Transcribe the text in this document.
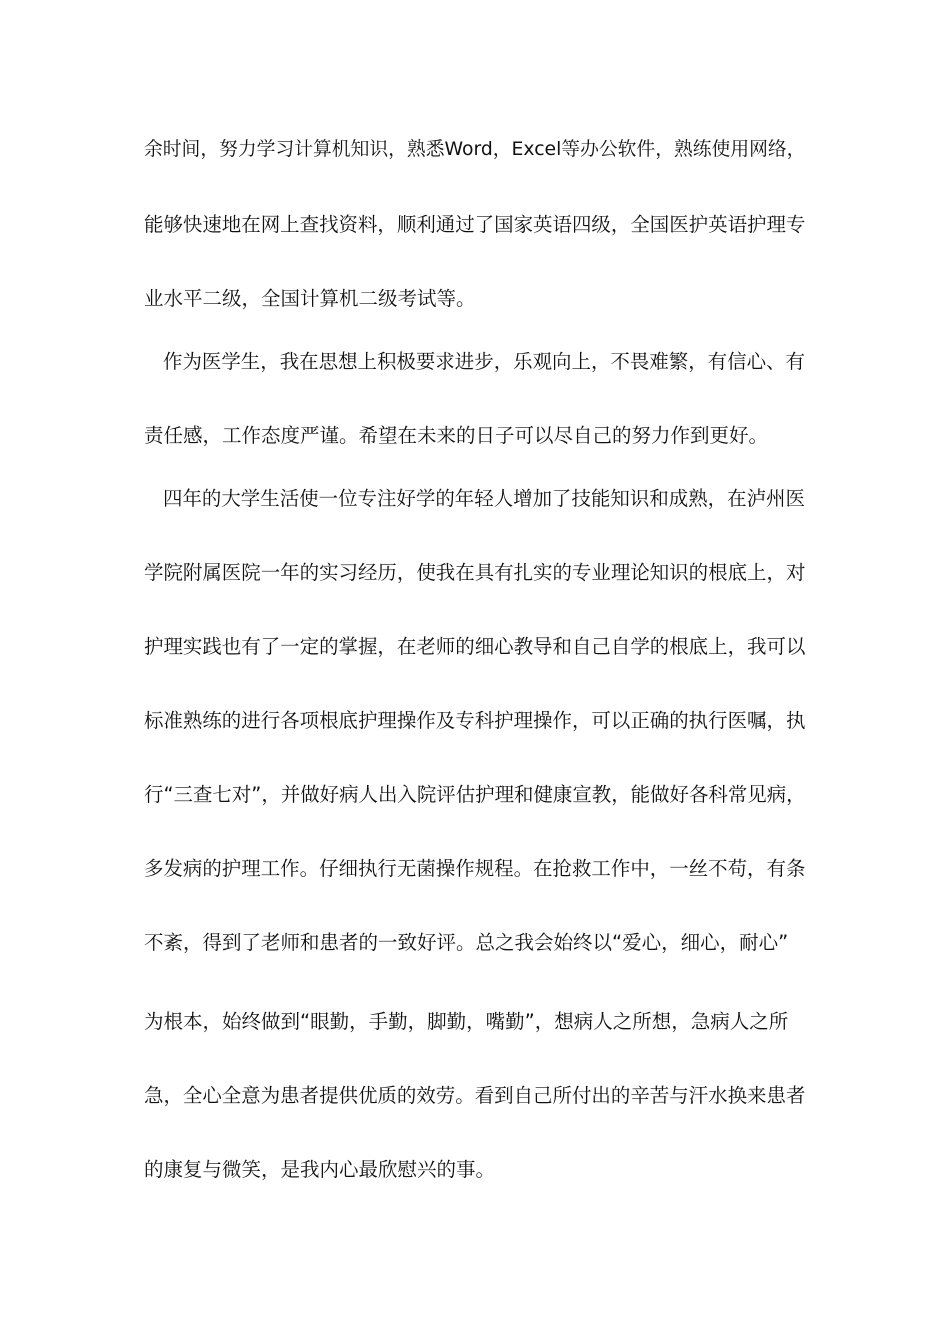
余时间，努力学习计算机知识，熟悉Word，Excel等办公软件，熟练使用网络，
能够快速地在网上查找资料，顺利通过了国家英语四级，全国医护英语护理专
业水平二级，全国计算机二级考试等。
作为医学生，我在思想上积极要求进步，乐观向上，不畏难繁，有信心、有
责任感，工作态度严谨。希望在未来的日子可以尽自己的努力作到更好。
四年的大学生活使一位专注好学的年轻人增加了技能知识和成熟，在泸州医
学院附属医院一年的实习经历，使我在具有扎实的专业理论知识的根底上，对
护理实践也有了一定的掌握，在老师的细心教导和自己自学的根底上，我可以
标准熟练的进行各项根底护理操作及专科护理操作，可以正确的执行医嘱，执
行“三查七对”，并做好病人出入院评估护理和健康宣教，能做好各科常见病，
多发病的护理工作。仔细执行无菌操作规程。在抢救工作中，一丝不苟，有条
不紊，得到了老师和患者的一致好评。总之我会始终以“爱心，细心，耐心”
为根本，始终做到“眼勤，手勤，脚勤，嘴勤”，想病人之所想，急病人之所
急，全心全意为患者提供优质的效劳。看到自己所付出的辛苦与汗水换来患者
的康复与微笑，是我内心最欣慰兴的事。
